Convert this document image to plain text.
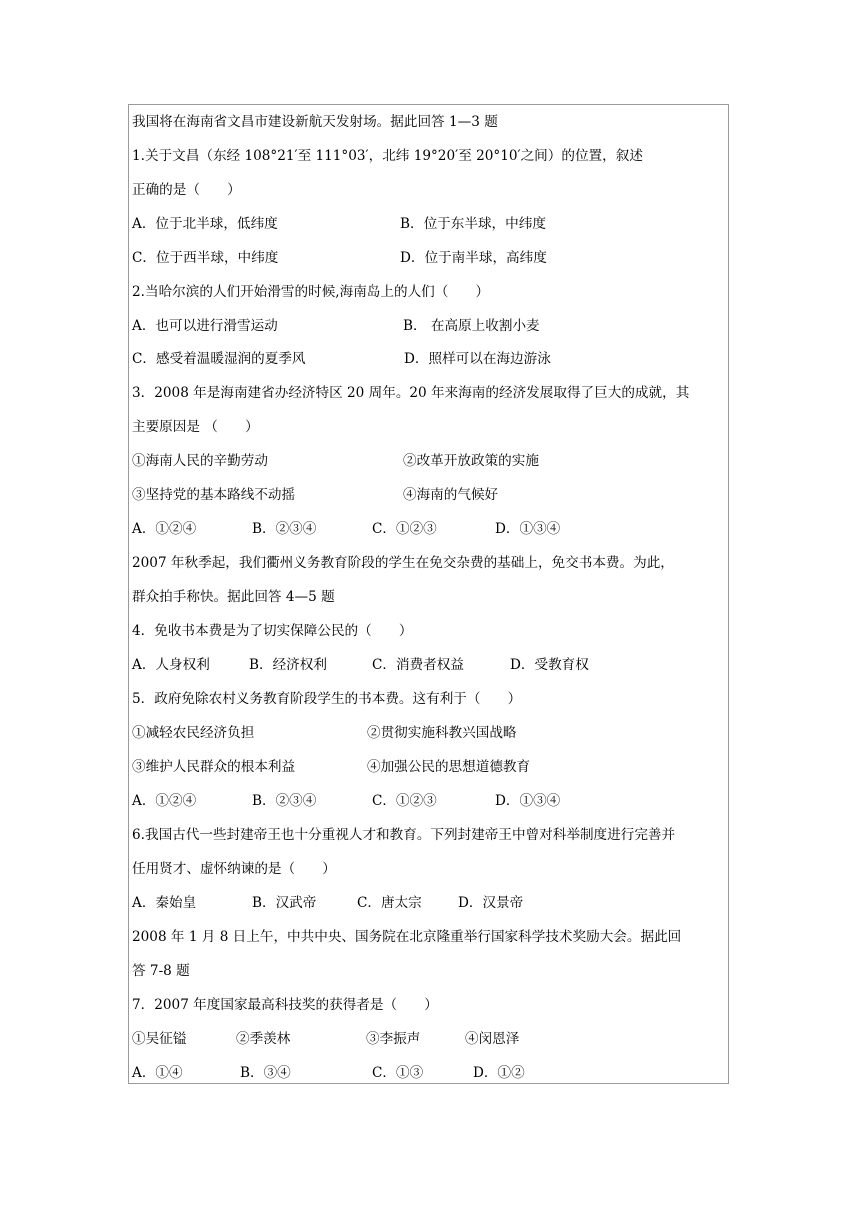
我国将在海南省文昌市建设新航天发射场。据此回答 1—3 题
1.关于文昌（东经 108°21′至 111°03′，北纬 19°20′至 20°10′之间）的位置，叙述
正确的是（　　）
A．位于北半球，低纬度	B．位于东半球，中纬度
C．位于西半球，中纬度	D．位于南半球，高纬度
2.当哈尔滨的人们开始滑雪的时候,海南岛上的人们（　　）
A．也可以进行滑雪运动	B． 在高原上收割小麦
C．感受着温暖湿润的夏季风	D．照样可以在海边游泳
3．2008 年是海南建省办经济特区 20 周年。20 年来海南的经济发展取得了巨大的成就，其
主要原因是 （　　）
①海南人民的辛勤劳动	②改革开放政策的实施
③坚持党的基本路线不动摇	④海南的气候好
A．①②④	B．②③④	C．①②③	D．①③④
2007 年秋季起，我们衢州义务教育阶段的学生在免交杂费的基础上，免交书本费。为此，
群众拍手称快。据此回答 4—5 题
4．免收书本费是为了切实保障公民的（　　）
A．人身权利	B．经济权利	C．消费者权益	D．受教育权
5．政府免除农村义务教育阶段学生的书本费。这有利于（　　）
①减轻农民经济负担	②贯彻实施科教兴国战略
③维护人民群众的根本利益	④加强公民的思想道德教育
A．①②④	B．②③④	C．①②③	D．①③④
6.我国古代一些封建帝王也十分重视人才和教育。下列封建帝王中曾对科举制度进行完善并
任用贤才、虚怀纳谏的是（　　）
A．秦始皇	B．汉武帝	C．唐太宗	D．汉景帝
2008 年 1 月 8 日上午，中共中央、国务院在北京隆重举行国家科学技术奖励大会。据此回
答 7-8 题
7．2007 年度国家最高科技奖的获得者是（　　）
①吴征镒	②季羡林	③李振声	④闵恩泽
A．①④	B．③④	C．①③	D．①②
